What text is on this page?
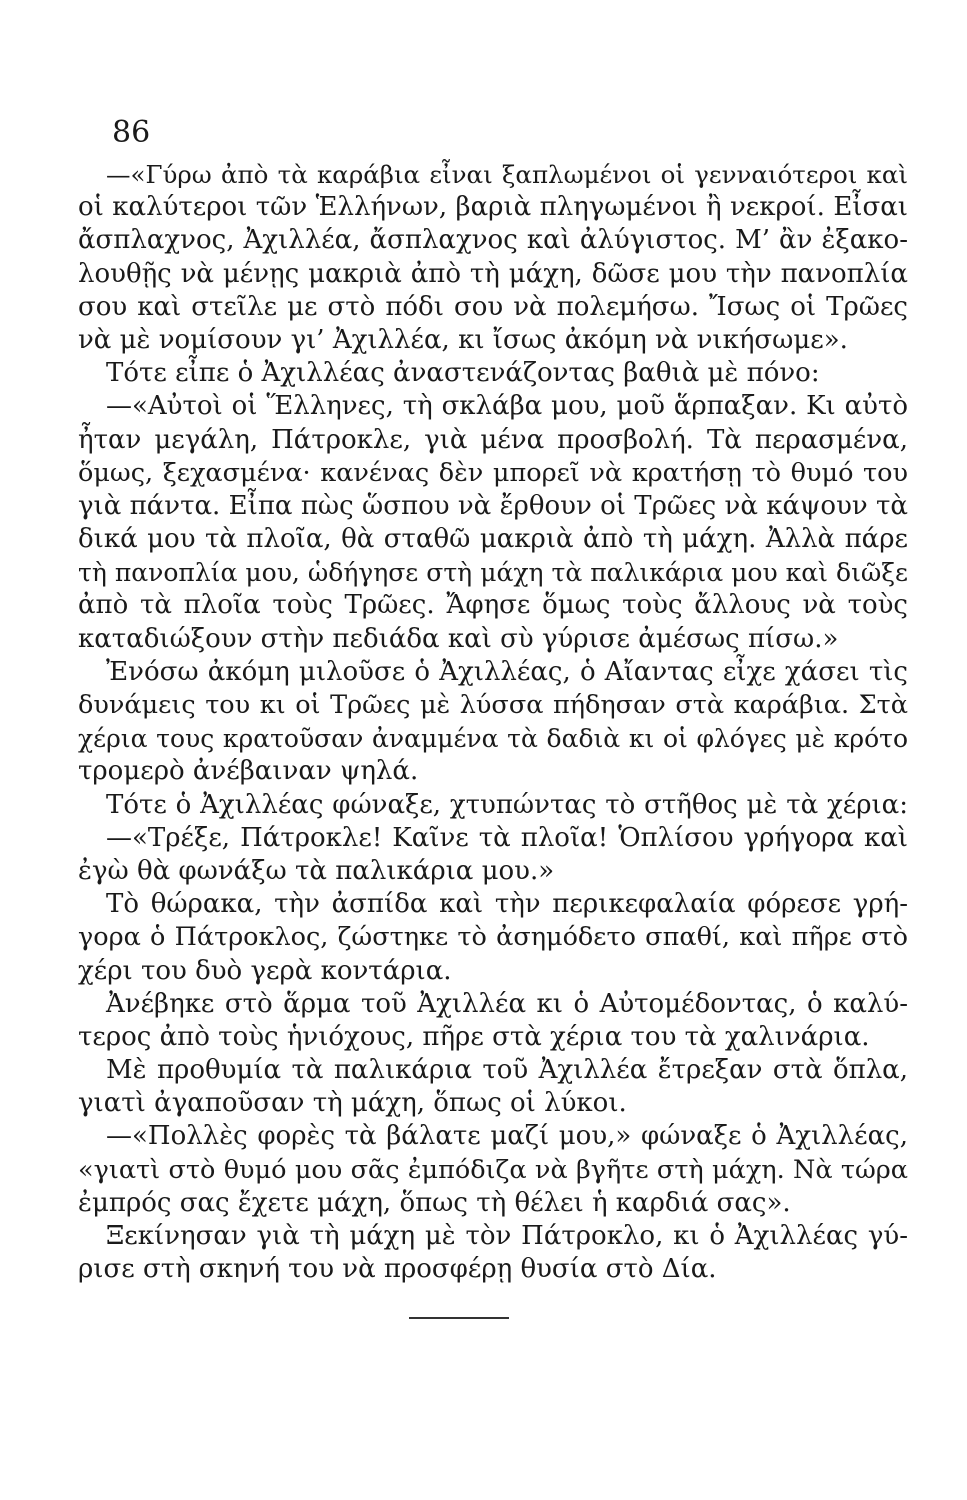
86
—«Γύρω ἀπὸ τὰ καράβια εἶναι ξαπλωμένοι οἱ γενναιότεροι καὶ
οἱ καλύτεροι τῶν Ἑλλήνων, βαριὰ πληγωμένοι ἢ νεκροί. Εἶσαι
ἄσπλαχνος, Ἀχιλλέα, ἄσπλαχνος καὶ ἀλύγιστος. Μ’ ἂν ἐξακο-
λουθῇς νὰ μένῃς μακριὰ ἀπὸ τὴ μάχη, δῶσε μου τὴν πανοπλία
σου καὶ στεῖλε με στὸ πόδι σου νὰ πολεμήσω. Ἴσως οἱ Τρῶες
νὰ μὲ νομίσουν γι’ Ἀχιλλέα, κι ἴσως ἀκόμη νὰ νικήσωμε».
Τότε εἶπε ὁ Ἀχιλλέας ἀναστενάζοντας βαθιὰ μὲ πόνο:
—«Αὐτοὶ οἱ Ἕλληνες, τὴ σκλάβα μου, μοῦ ἅρπαξαν. Κι αὐτὸ
ἦταν μεγάλη, Πάτροκλε, γιὰ μένα προσβολή. Τὰ περασμένα,
ὅμως, ξεχασμένα· κανένας δὲν μπορεῖ νὰ κρατήσῃ τὸ θυμό του
γιὰ πάντα. Εἶπα πὼς ὥσπου νὰ ἔρθουν οἱ Τρῶες νὰ κάψουν τὰ
δικά μου τὰ πλοῖα, θὰ σταθῶ μακριὰ ἀπὸ τὴ μάχη. Ἀλλὰ πάρε
τὴ πανοπλία μου, ὡδήγησε στὴ μάχη τὰ παλικάρια μου καὶ διῶξε
ἀπὸ τὰ πλοῖα τοὺς Τρῶες. Ἄφησε ὅμως τοὺς ἄλλους νὰ τοὺς
καταδιώξουν στὴν πεδιάδα καὶ σὺ γύρισε ἀμέσως πίσω.»
Ἐνόσω ἀκόμη μιλοῦσε ὁ Ἀχιλλέας, ὁ Αἴαντας εἶχε χάσει τὶς
δυνάμεις του κι οἱ Τρῶες μὲ λύσσα πήδησαν στὰ καράβια. Στὰ
χέρια τους κρατοῦσαν ἀναμμένα τὰ δαδιὰ κι οἱ φλόγες μὲ κρότο
τρομερὸ ἀνέβαιναν ψηλά.
Τότε ὁ Ἀχιλλέας φώναξε, χτυπώντας τὸ στῆθος μὲ τὰ χέρια:
—«Τρέξε, Πάτροκλε! Καῖνε τὰ πλοῖα! Ὁπλίσου γρήγορα καὶ
ἐγὼ θὰ φωνάξω τὰ παλικάρια μου.»
Τὸ θώρακα, τὴν ἀσπίδα καὶ τὴν περικεφαλαία φόρεσε γρή-
γορα ὁ Πάτροκλος, ζώστηκε τὸ ἀσημόδετο σπαθί, καὶ πῆρε στὸ
χέρι του δυὸ γερὰ κοντάρια.
Ἀνέβηκε στὸ ἅρμα τοῦ Ἀχιλλέα κι ὁ Αὐτομέδοντας, ὁ καλύ-
τερος ἀπὸ τοὺς ἡνιόχους, πῆρε στὰ χέρια του τὰ χαλινάρια.
Μὲ προθυμία τὰ παλικάρια τοῦ Ἀχιλλέα ἔτρεξαν στὰ ὅπλα,
γιατὶ ἀγαποῦσαν τὴ μάχη, ὅπως οἱ λύκοι.
—«Πολλὲς φορὲς τὰ βάλατε μαζί μου,» φώναξε ὁ Ἀχιλλέας,
«γιατὶ στὸ θυμό μου σᾶς ἐμπόδιζα νὰ βγῆτε στὴ μάχη. Νὰ τώρα
ἐμπρός σας ἔχετε μάχη, ὅπως τὴ θέλει ἡ καρδιά σας».
Ξεκίνησαν γιὰ τὴ μάχη μὲ τὸν Πάτροκλο, κι ὁ Ἀχιλλέας γύ-
ρισε στὴ σκηνή του νὰ προσφέρῃ θυσία στὸ Δία.
